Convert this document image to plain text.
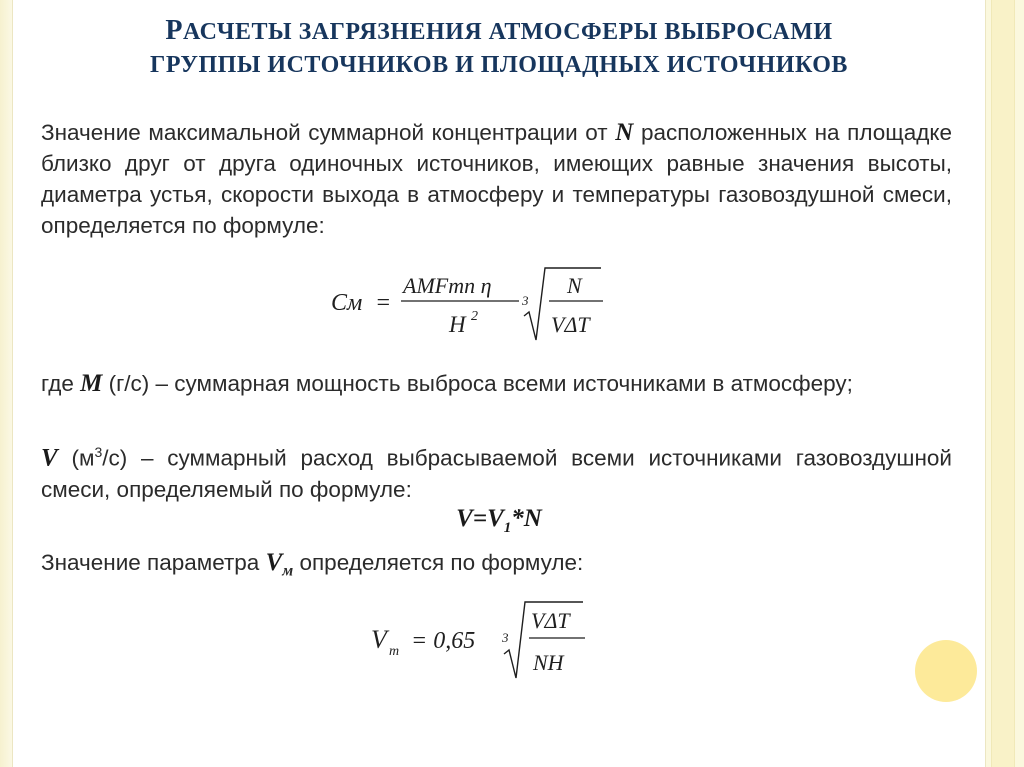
РАСЧЕТЫ ЗАГРЯЗНЕНИЯ АТМОСФЕРЫ ВЫБРОСАМИ
ГРУППЫ ИСТОЧНИКОВ И ПЛОЩАДНЫХ ИСТОЧНИКОВ
Значение максимальной суммарной концентрации от N расположенных на площадке близко друг от друга одиночных источников, имеющих равные значения высоты, диаметра устья, скорости выхода в атмосферу и температуры газовоздушной смеси, определяется по формуле:
Cм =
AMFmn η
H 2
3
N
VΔT
где M (г/с) – суммарная мощность выброса всеми источниками в атмосферу;
V $(м^3/с)$ – суммарный расход выбрасываемой всеми источниками газовоздушной смеси, определяемый по формуле:
$V=V_1*N$
Значение параметра $V_м$ определяется по формуле:
V m = 0,65 3
VΔT
NH
